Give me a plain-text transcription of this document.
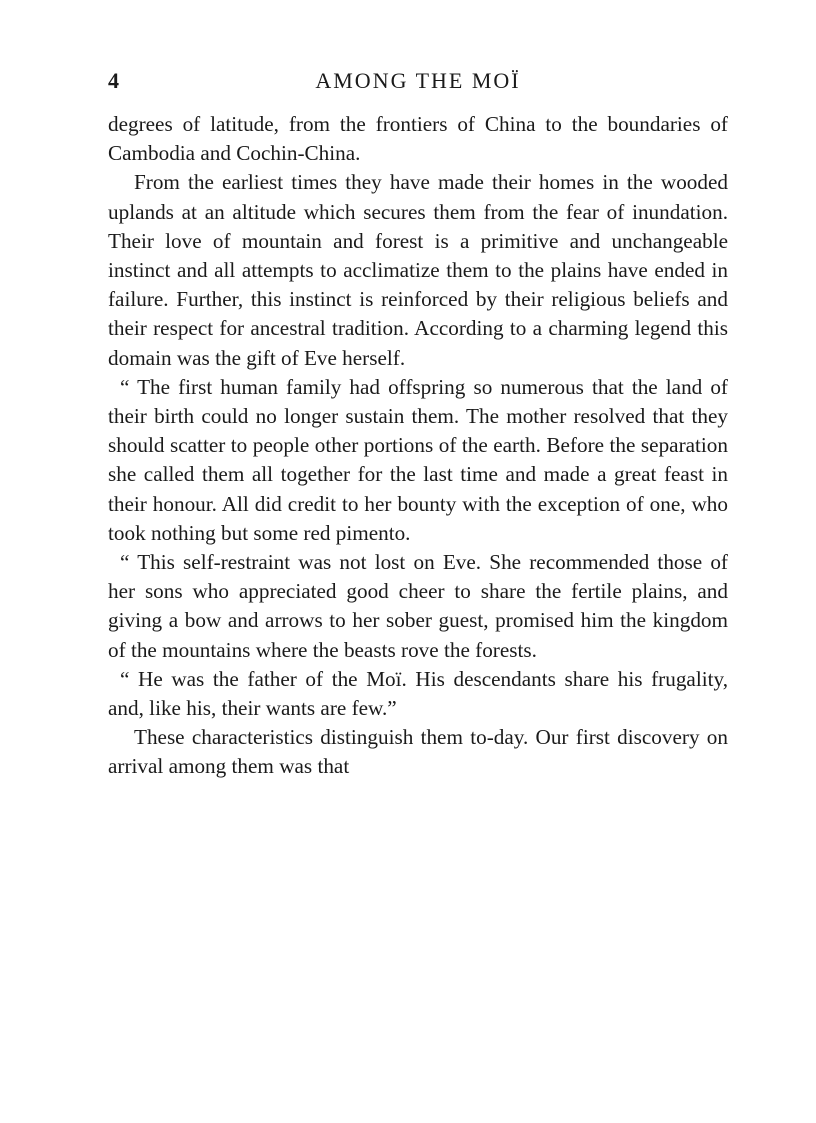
4	AMONG THE MOÏ

degrees of latitude, from the frontiers of China to the boundaries of Cambodia and Cochin-China.

From the earliest times they have made their homes in the wooded uplands at an altitude which secures them from the fear of inundation. Their love of mountain and forest is a primitive and unchangeable instinct and all attempts to acclimatize them to the plains have ended in failure. Further, this instinct is reinforced by their religious beliefs and their respect for ancestral tradition. According to a charming legend this domain was the gift of Eve herself.

“ The first human family had offspring so numerous that the land of their birth could no longer sustain them. The mother resolved that they should scatter to people other portions of the earth. Before the separation she called them all together for the last time and made a great feast in their honour. All did credit to her bounty with the exception of one, who took nothing but some red pimento.

“ This self-restraint was not lost on Eve. She recommended those of her sons who appreciated good cheer to share the fertile plains, and giving a bow and arrows to her sober guest, promised him the kingdom of the mountains where the beasts rove the forests.

“ He was the father of the Moï. His descendants share his frugality, and, like his, their wants are few.”

These characteristics distinguish them to-day. Our first discovery on arrival among them was that
